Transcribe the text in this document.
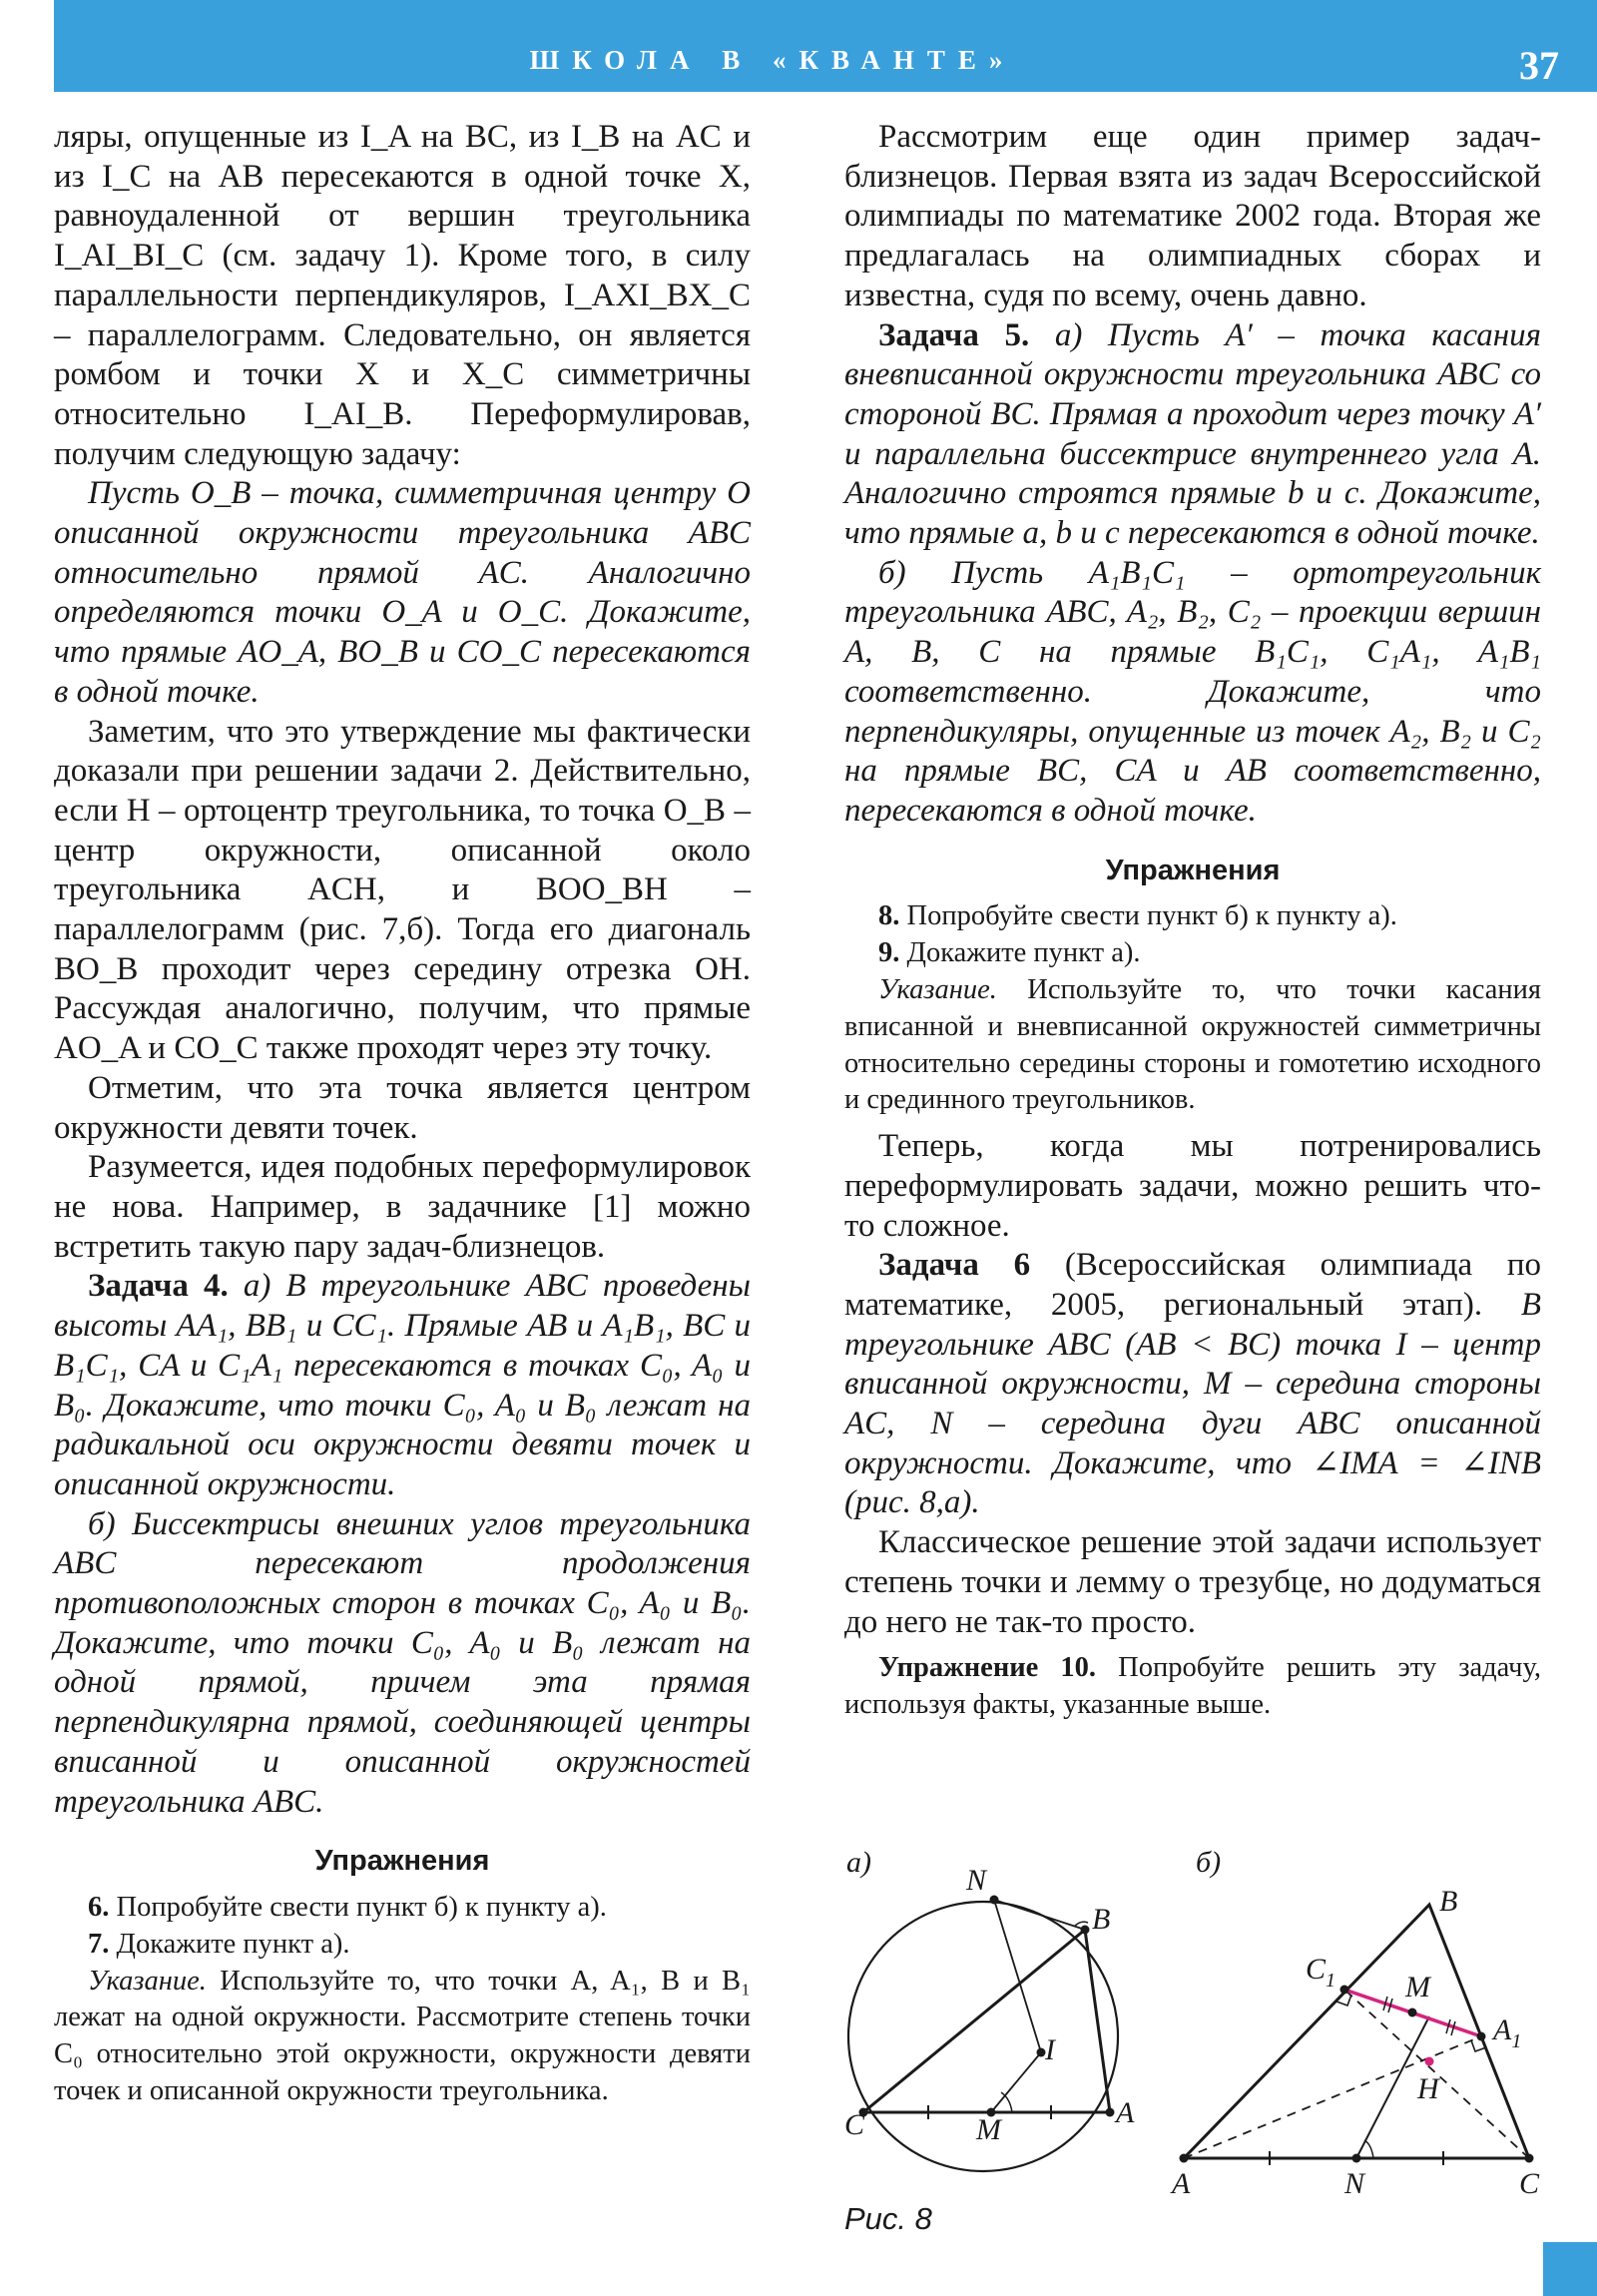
ШКОЛА В «КВАНТЕ»	37

ляры, опущенные из I_A на BC, из I_B на AC и из I_C на AB пересекаются в одной точке X, равноудаленной от вершин треугольника I_AI_BI_C (см. задачу 1). Кроме того, в силу параллельности перпендикуляров, I_AXI_BX_C – параллелограмм. Следовательно, он является ромбом и точки X и X_C симметричны относительно I_AI_B. Переформулировав, получим следующую задачу:

Пусть O_B – точка, симметричная центру O описанной окружности треугольника ABC относительно прямой AC. Аналогично определяются точки O_A и O_C. Докажите, что прямые AO_A, BO_B и CO_C пересекаются в одной точке.

Заметим, что это утверждение мы фактически доказали при решении задачи 2. Действительно, если H – ортоцентр треугольника, то точка O_B – центр окружности, описанной около треугольника ACH, и BOO_BH – параллелограмм (рис. 7,б). Тогда его диагональ BO_B проходит через середину отрезка OH. Рассуждая аналогично, получим, что прямые AO_A и CO_C также проходят через эту точку.

Отметим, что эта точка является центром окружности девяти точек.

Разумеется, идея подобных переформулировок не нова. Например, в задачнике [1] можно встретить такую пару задач-близнецов.

Задача 4. а) В треугольнике ABC проведены высоты AA₁, BB₁ и CC₁. Прямые AB и A₁B₁, BC и B₁C₁, CA и C₁A₁ пересекаются в точках C₀, A₀ и B₀. Докажите, что точки C₀, A₀ и B₀ лежат на радикальной оси окружности девяти точек и описанной окружности.

б) Биссектрисы внешних углов треугольника ABC пересекают продолжения противоположных сторон в точках C₀, A₀ и B₀. Докажите, что точки C₀, A₀ и B₀ лежат на одной прямой, причем эта прямая перпендикулярна прямой, соединяющей центры вписанной и описанной окружностей треугольника ABC.

Упражнения

6. Попробуйте свести пункт б) к пункту а).

7. Докажите пункт а).

Указание. Используйте то, что точки A, A₁, B и B₁ лежат на одной окружности. Рассмотрите степень точки C₀ относительно этой окружности, окружности девяти точек и описанной окружности треугольника.

Рассмотрим еще один пример задач-близнецов. Первая взята из задач Всероссийской олимпиады по математике 2002 года. Вторая же предлагалась на олимпиадных сборах и известна, судя по всему, очень давно.

Задача 5. а) Пусть A′ – точка касания вневписанной окружности треугольника ABC со стороной BC. Прямая a проходит через точку A′ и параллельна биссектрисе внутреннего угла A. Аналогично строятся прямые b и c. Докажите, что прямые a, b и c пересекаются в одной точке.

б) Пусть A₁B₁C₁ – ортотреугольник треугольника ABC, A₂, B₂, C₂ – проекции вершин A, B, C на прямые B₁C₁, C₁A₁, A₁B₁ соответственно. Докажите, что перпендикуляры, опущенные из точек A₂, B₂ и C₂ на прямые BC, CA и AB соответственно, пересекаются в одной точке.

Упражнения

8. Попробуйте свести пункт б) к пункту а).

9. Докажите пункт а).

Указание. Используйте то, что точки касания вписанной и вневписанной окружностей симметричны относительно середины стороны и гомотетию исходного и срединного треугольников.

Теперь, когда мы потренировались переформулировать задачи, можно решить что-то сложное.

Задача 6 (Всероссийская олимпиада по математике, 2005, региональный этап). В треугольнике ABC (AB < BC) точка I – центр вписанной окружности, M – середина стороны AC, N – середина дуги ABC описанной окружности. Докажите, что ∠IMA = ∠INB (рис. 8,а).

Классическое решение этой задачи использует степень точки и лемму о трезубце, но додуматься до него не так-то просто.

Упражнение 10. Попробуйте решить эту задачу, используя факты, указанные выше.

а)
N
B
I
C	M
A
б)
B
$C_1$ M
$A_1$
H
A	N	C
Рис. 8
